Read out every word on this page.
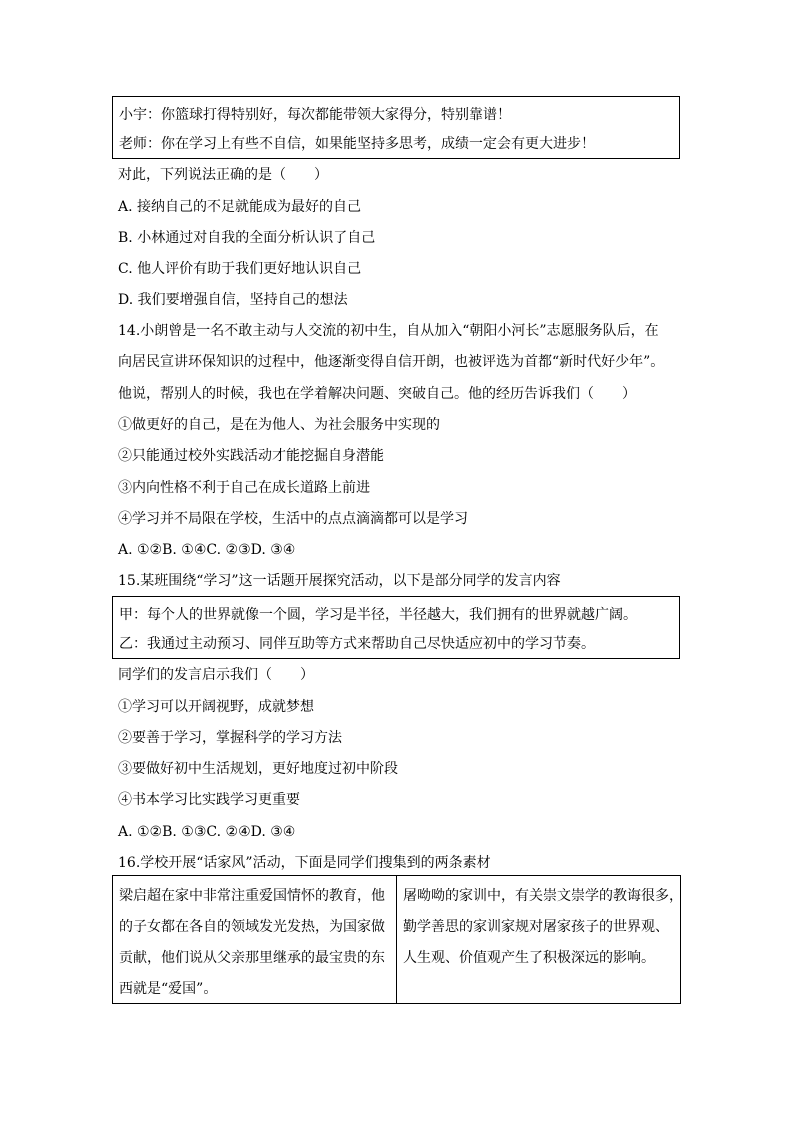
小宇：你篮球打得特别好，每次都能带领大家得分，特别靠谱！
老师：你在学习上有些不自信，如果能坚持多思考，成绩一定会有更大进步！
对此，下列说法正确的是（　　）
A. 接纳自己的不足就能成为最好的自己
B. 小林通过对自我的全面分析认识了自己
C. 他人评价有助于我们更好地认识自己
D. 我们要增强自信，坚持自己的想法
14.小朗曾是一名不敢主动与人交流的初中生，自从加入“朝阳小河长”志愿服务队后，在
向居民宣讲环保知识的过程中，他逐渐变得自信开朗，也被评选为首都“新时代好少年”。
他说，帮别人的时候，我也在学着解决问题、突破自己。他的经历告诉我们（　　）
①做更好的自己，是在为他人、为社会服务中实现的
②只能通过校外实践活动才能挖掘自身潜能
③内向性格不利于自己在成长道路上前进
④学习并不局限在学校，生活中的点点滴滴都可以是学习
A. ①②B. ①④C. ②③D. ③④
15.某班围绕“学习”这一话题开展探究活动，以下是部分同学的发言内容
甲：每个人的世界就像一个圆，学习是半径，半径越大，我们拥有的世界就越广阔。
乙：我通过主动预习、同伴互助等方式来帮助自己尽快适应初中的学习节奏。
同学们的发言启示我们（　　）
①学习可以开阔视野，成就梦想
②要善于学习，掌握科学的学习方法
③要做好初中生活规划，更好地度过初中阶段
④书本学习比实践学习更重要
A. ①②B. ①③C. ②④D. ③④
16.学校开展“话家风”活动，下面是同学们搜集到的两条素材
梁启超在家中非常注重爱国情怀的教育，他
的子女都在各自的领域发光发热，为国家做
贡献，他们说从父亲那里继承的最宝贵的东
西就是“爱国”。
屠呦呦的家训中，有关崇文崇学的教诲很多，
勤学善思的家训家规对屠家孩子的世界观、
人生观、价值观产生了积极深远的影响。
